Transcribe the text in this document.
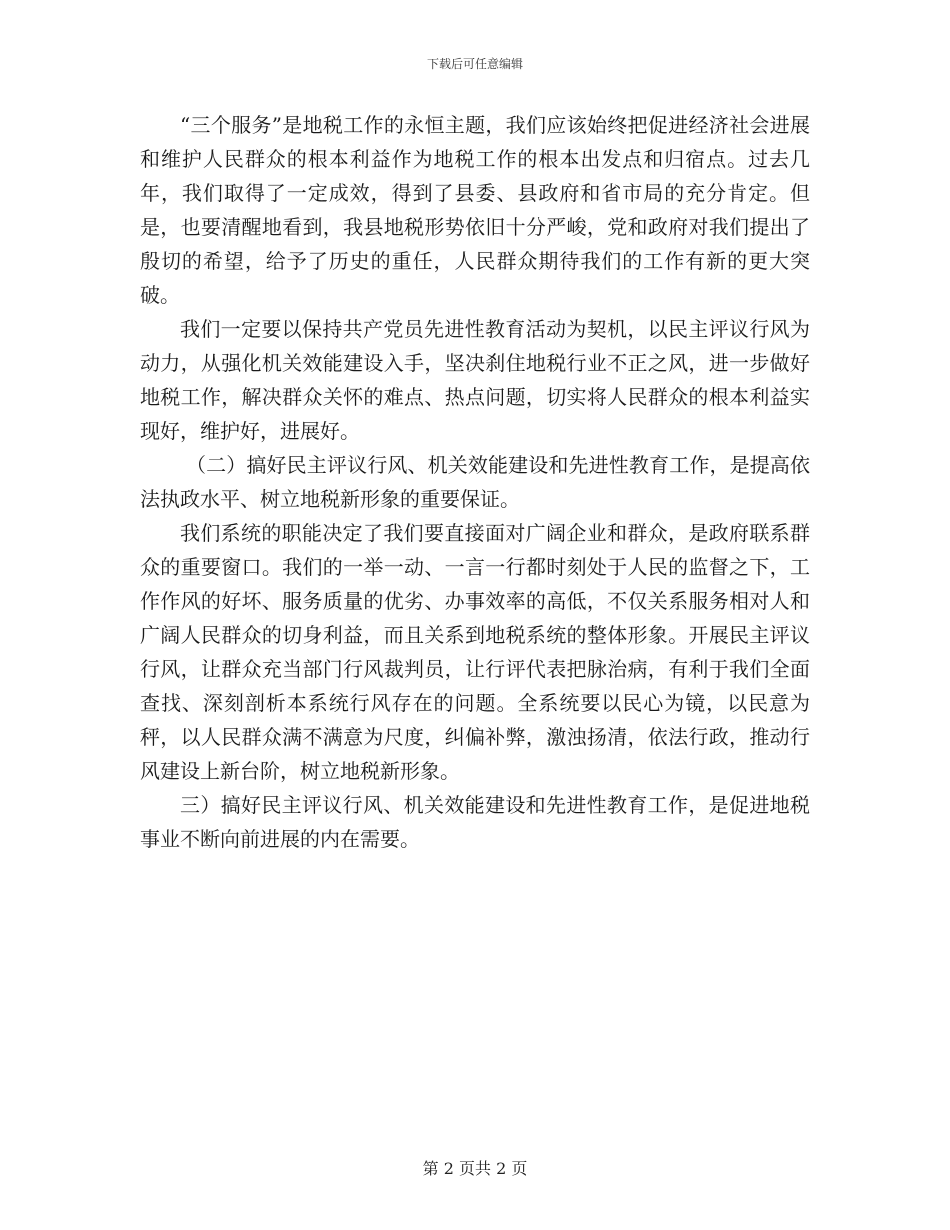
下载后可任意编辑

“三个服务”是地税工作的永恒主题，我们应该始终把促进经济社会进展和维护人民群众的根本利益作为地税工作的根本出发点和归宿点。过去几年，我们取得了一定成效，得到了县委、县政府和省市局的充分肯定。但是，也要清醒地看到，我县地税形势依旧十分严峻，党和政府对我们提出了殷切的希望，给予了历史的重任，人民群众期待我们的工作有新的更大突破。

我们一定要以保持共产党员先进性教育活动为契机，以民主评议行风为动力，从强化机关效能建设入手，坚决刹住地税行业不正之风，进一步做好地税工作，解决群众关怀的难点、热点问题，切实将人民群众的根本利益实现好，维护好，进展好。

（二）搞好民主评议行风、机关效能建设和先进性教育工作，是提高依法执政水平、树立地税新形象的重要保证。

我们系统的职能决定了我们要直接面对广阔企业和群众，是政府联系群众的重要窗口。我们的一举一动、一言一行都时刻处于人民的监督之下，工作作风的好坏、服务质量的优劣、办事效率的高低，不仅关系服务相对人和广阔人民群众的切身利益，而且关系到地税系统的整体形象。开展民主评议行风，让群众充当部门行风裁判员，让行评代表把脉治病，有利于我们全面查找、深刻剖析本系统行风存在的问题。全系统要以民心为镜，以民意为秤，以人民群众满不满意为尺度，纠偏补弊，激浊扬清，依法行政，推动行风建设上新台阶，树立地税新形象。

三）搞好民主评议行风、机关效能建设和先进性教育工作，是促进地税事业不断向前进展的内在需要。

第 2 页共 2 页
